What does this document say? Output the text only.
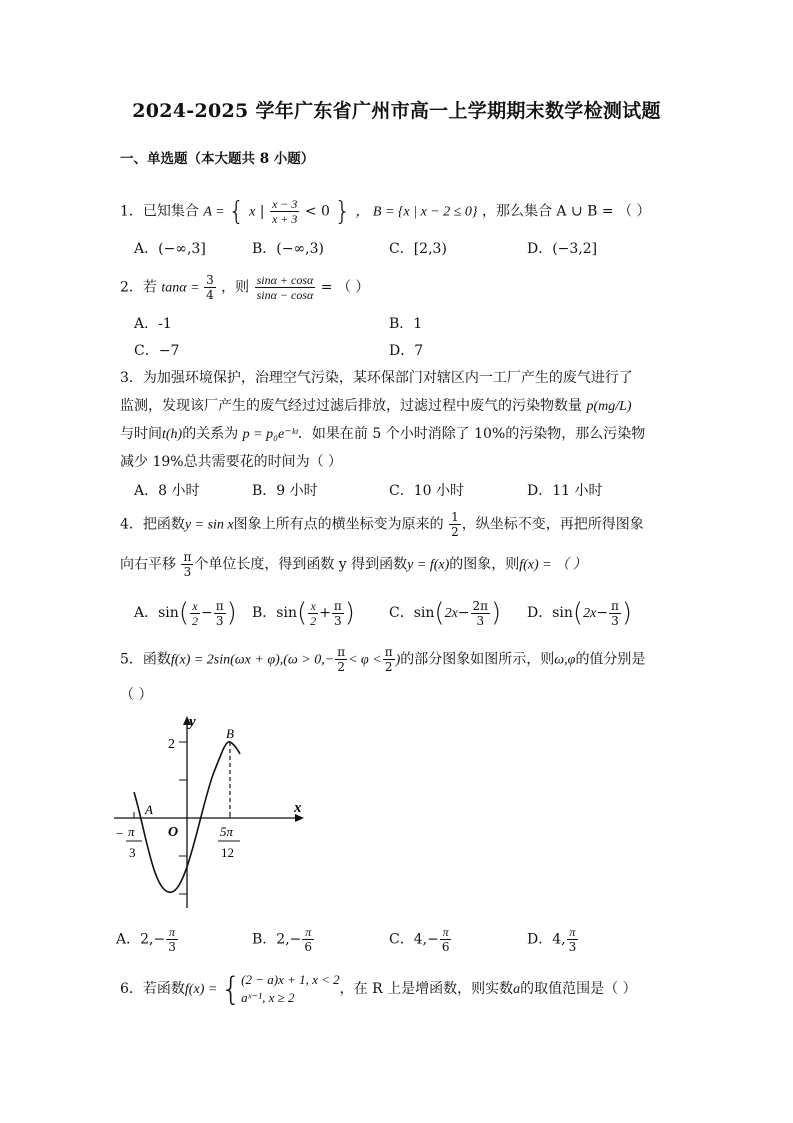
2024-2025 学年广东省广州市高一上学期期末数学检测试题
一、单选题（本大题共 8 小题）
1．已知集合 A = { x | $\frac{x - 3}{x + 3} < 0$ } ， B = {x | x − 2 ≤ 0} ，那么集合 A ∪ B = （ ）
A．(−∞,3]	B．(−∞,3)	C．[2,3)	D．(−3,2]
2．若 $\tan\alpha = \frac{3}{4}$ ，则 $\frac{\sin\alpha + \cos\alpha}{\sin\alpha - \cos\alpha}$ = （ ）
A．-1	B．1
C．−7	D．7
3．为加强环境保护，治理空气污染，某环保部门对辖区内一工厂产生的废气进行了
监测，发现该厂产生的废气经过过滤后排放，过滤过程中废气的污染物数量 p(mg/L)
与时间t(h)的关系为 p = p₀e⁻ᵏᵗ．如果在前 5 个小时消除了 10%的污染物，那么污染物
减少 19%总共需要花的时间为（ ）
A．8 小时	B．9 小时	C．10 小时	D．11 小时
4．把函数y = sin x图象上所有点的横坐标变为原来的 $\frac{1}{2}$ ，纵坐标不变，再把所得图象
向右平移 $\frac{\pi}{3}$ 个单位长度，得到函数 y 得到函数y = f(x)的图象，则f(x) = （ ）
A．$\sin( \frac{x}{2} - \frac{\pi}{3}$ ) B．$\sin( \frac{x}{2} + \frac{\pi}{3}$ ) C．$\sin(2x- \frac{2\pi}{3}$ ) D．$\sin(2x- \frac{\pi}{3}$ )
5．函数$f(x) = 2\sin(\omega x + \varphi),(\omega > 0,- \frac{\pi}{2} < \varphi < \frac{\pi}{2}$ )的部分图象如图所示，则ω,φ的值分别是
（ ）
y
x
O
A
B
2
− π
3
5π
12
A．$2,- \frac{\pi}{3}$	B．$2,- \frac{\pi}{6}$	C．$4,- \frac{\pi}{6}$	D．4, $\frac{\pi}{3}$
6．若函数f(x) = { (2 − a)x + 1, x < 2
aˣ⁻¹, x ≥ 2
，在 R 上是增函数，则实数a的取值范围是（ ）
